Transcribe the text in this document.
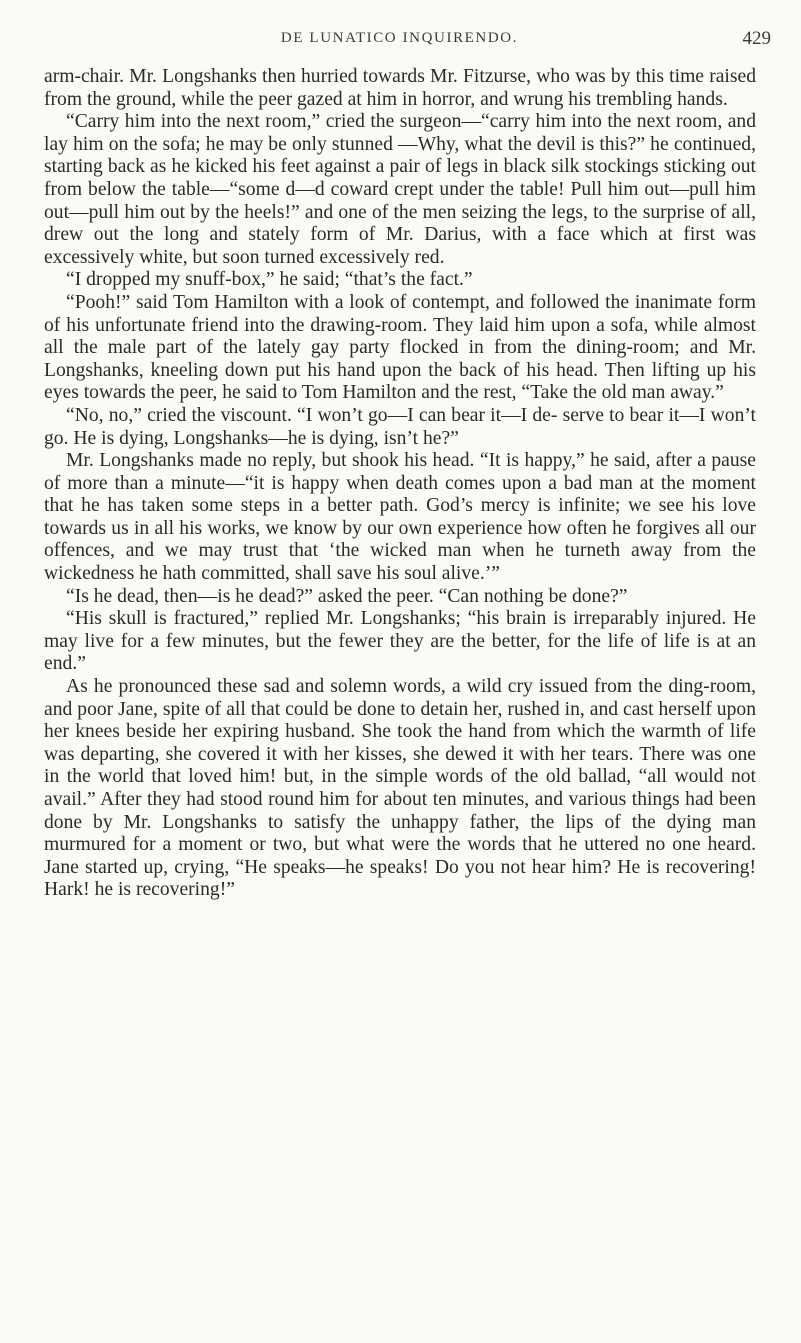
DE LUNATICO INQUIRENDO.	429

arm-chair. Mr. Longshanks then hurried towards Mr. Fitzurse, who was by this time raised from the ground, while the peer gazed at him in horror, and wrung his trembling hands.

“Carry him into the next room,” cried the surgeon—“carry him into the next room, and lay him on the sofa; he may be only stunned —Why, what the devil is this?” he continued, starting back as he kicked his feet against a pair of legs in black silk stockings sticking out from below the table—“some d—d coward crept under the table! Pull him out—pull him out—pull him out by the heels!” and one of the men seizing the legs, to the surprise of all, drew out the long and stately form of Mr. Darius, with a face which at first was excessively white, but soon turned excessively red.

“I dropped my snuff-box,” he said; “that’s the fact.”

“Pooh!” said Tom Hamilton with a look of contempt, and followed the inanimate form of his unfortunate friend into the drawing-room. They laid him upon a sofa, while almost all the male part of the lately gay party flocked in from the dining-room; and Mr. Longshanks, kneeling down put his hand upon the back of his head. Then lifting up his eyes towards the peer, he said to Tom Hamilton and the rest, “Take the old man away.”

“No, no,” cried the viscount. “I won’t go—I can bear it—I de- serve to bear it—I won’t go. He is dying, Longshanks—he is dying, isn’t he?”

Mr. Longshanks made no reply, but shook his head. “It is happy,” he said, after a pause of more than a minute—“it is happy when death comes upon a bad man at the moment that he has taken some steps in a better path. God’s mercy is infinite; we see his love towards us in all his works, we know by our own experience how often he forgives all our offences, and we may trust that ‘the wicked man when he turneth away from the wickedness he hath committed, shall save his soul alive.’”

“Is he dead, then—is he dead?” asked the peer. “Can nothing be done?”

“His skull is fractured,” replied Mr. Longshanks; “his brain is irreparably injured. He may live for a few minutes, but the fewer they are the better, for the life of life is at an end.”

As he pronounced these sad and solemn words, a wild cry issued from the ding-room, and poor Jane, spite of all that could be done to detain her, rushed in, and cast herself upon her knees beside her expiring husband. She took the hand from which the warmth of life was departing, she covered it with her kisses, she dewed it with her tears. There was one in the world that loved him! but, in the simple words of the old ballad, “all would not avail.” After they had stood round him for about ten minutes, and various things had been done by Mr. Longshanks to satisfy the unhappy father, the lips of the dying man murmured for a moment or two, but what were the words that he uttered no one heard. Jane started up, crying, “He speaks—he speaks! Do you not hear him? He is recovering! Hark! he is recovering!”
